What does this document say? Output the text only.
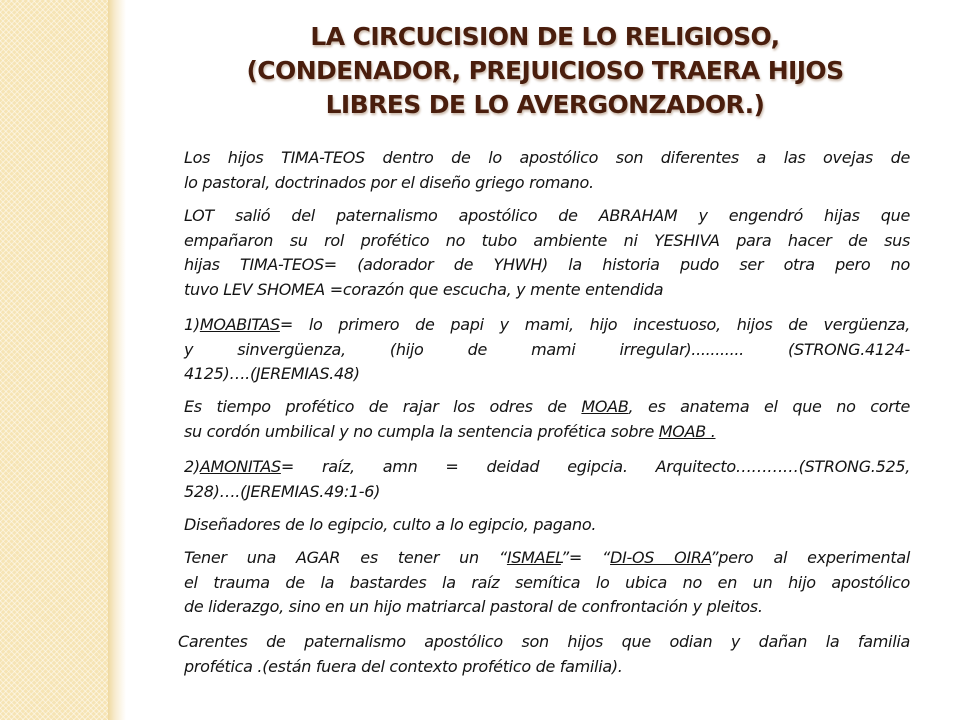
LA CIRCUCISION DE LO RELIGIOSO,
(CONDENADOR, PREJUICIOSO TRAERA HIJOS
LIBRES DE LO AVERGONZADOR.)
Los hijos TIMA-TEOS dentro de lo apostólico son diferentes a las ovejas de
lo pastoral, doctrinados por el diseño griego romano.
LOT salió del paternalismo apostólico de ABRAHAM y engendró hijas que
empañaron su rol profético no tubo ambiente ni YESHIVA para hacer de sus
hijas TIMA-TEOS= (adorador de YHWH) la historia pudo ser otra pero no
tuvo LEV SHOMEA =corazón que escucha, y mente entendida
1)MOABITAS= lo primero de papi y mami, hijo incestuoso, hijos de vergüenza,
y sinvergüenza, (hijo de mami irregular)........... (STRONG.4124-
4125)….(JEREMIAS.48)
Es tiempo profético de rajar los odres de MOAB, es anatema el que no corte
su cordón umbilical y no cumpla la sentencia profética sobre MOAB .
2)AMONITAS= raíz, amn = deidad egipcia. Arquitecto…………(STRONG.525,
528)….(JEREMIAS.49:1-6)
Diseñadores de lo egipcio, culto a lo egipcio, pagano.
Tener una AGAR es tener un “ISMAEL”= “DI-OS OIRA”pero al experimental
el trauma de la bastardes la raíz semítica lo ubica no en un hijo apostólico
de liderazgo, sino en un hijo matriarcal pastoral de confrontación y pleitos.
Carentes de paternalismo apostólico son hijos que odian y dañan la familia
profética .(están fuera del contexto profético de familia).
